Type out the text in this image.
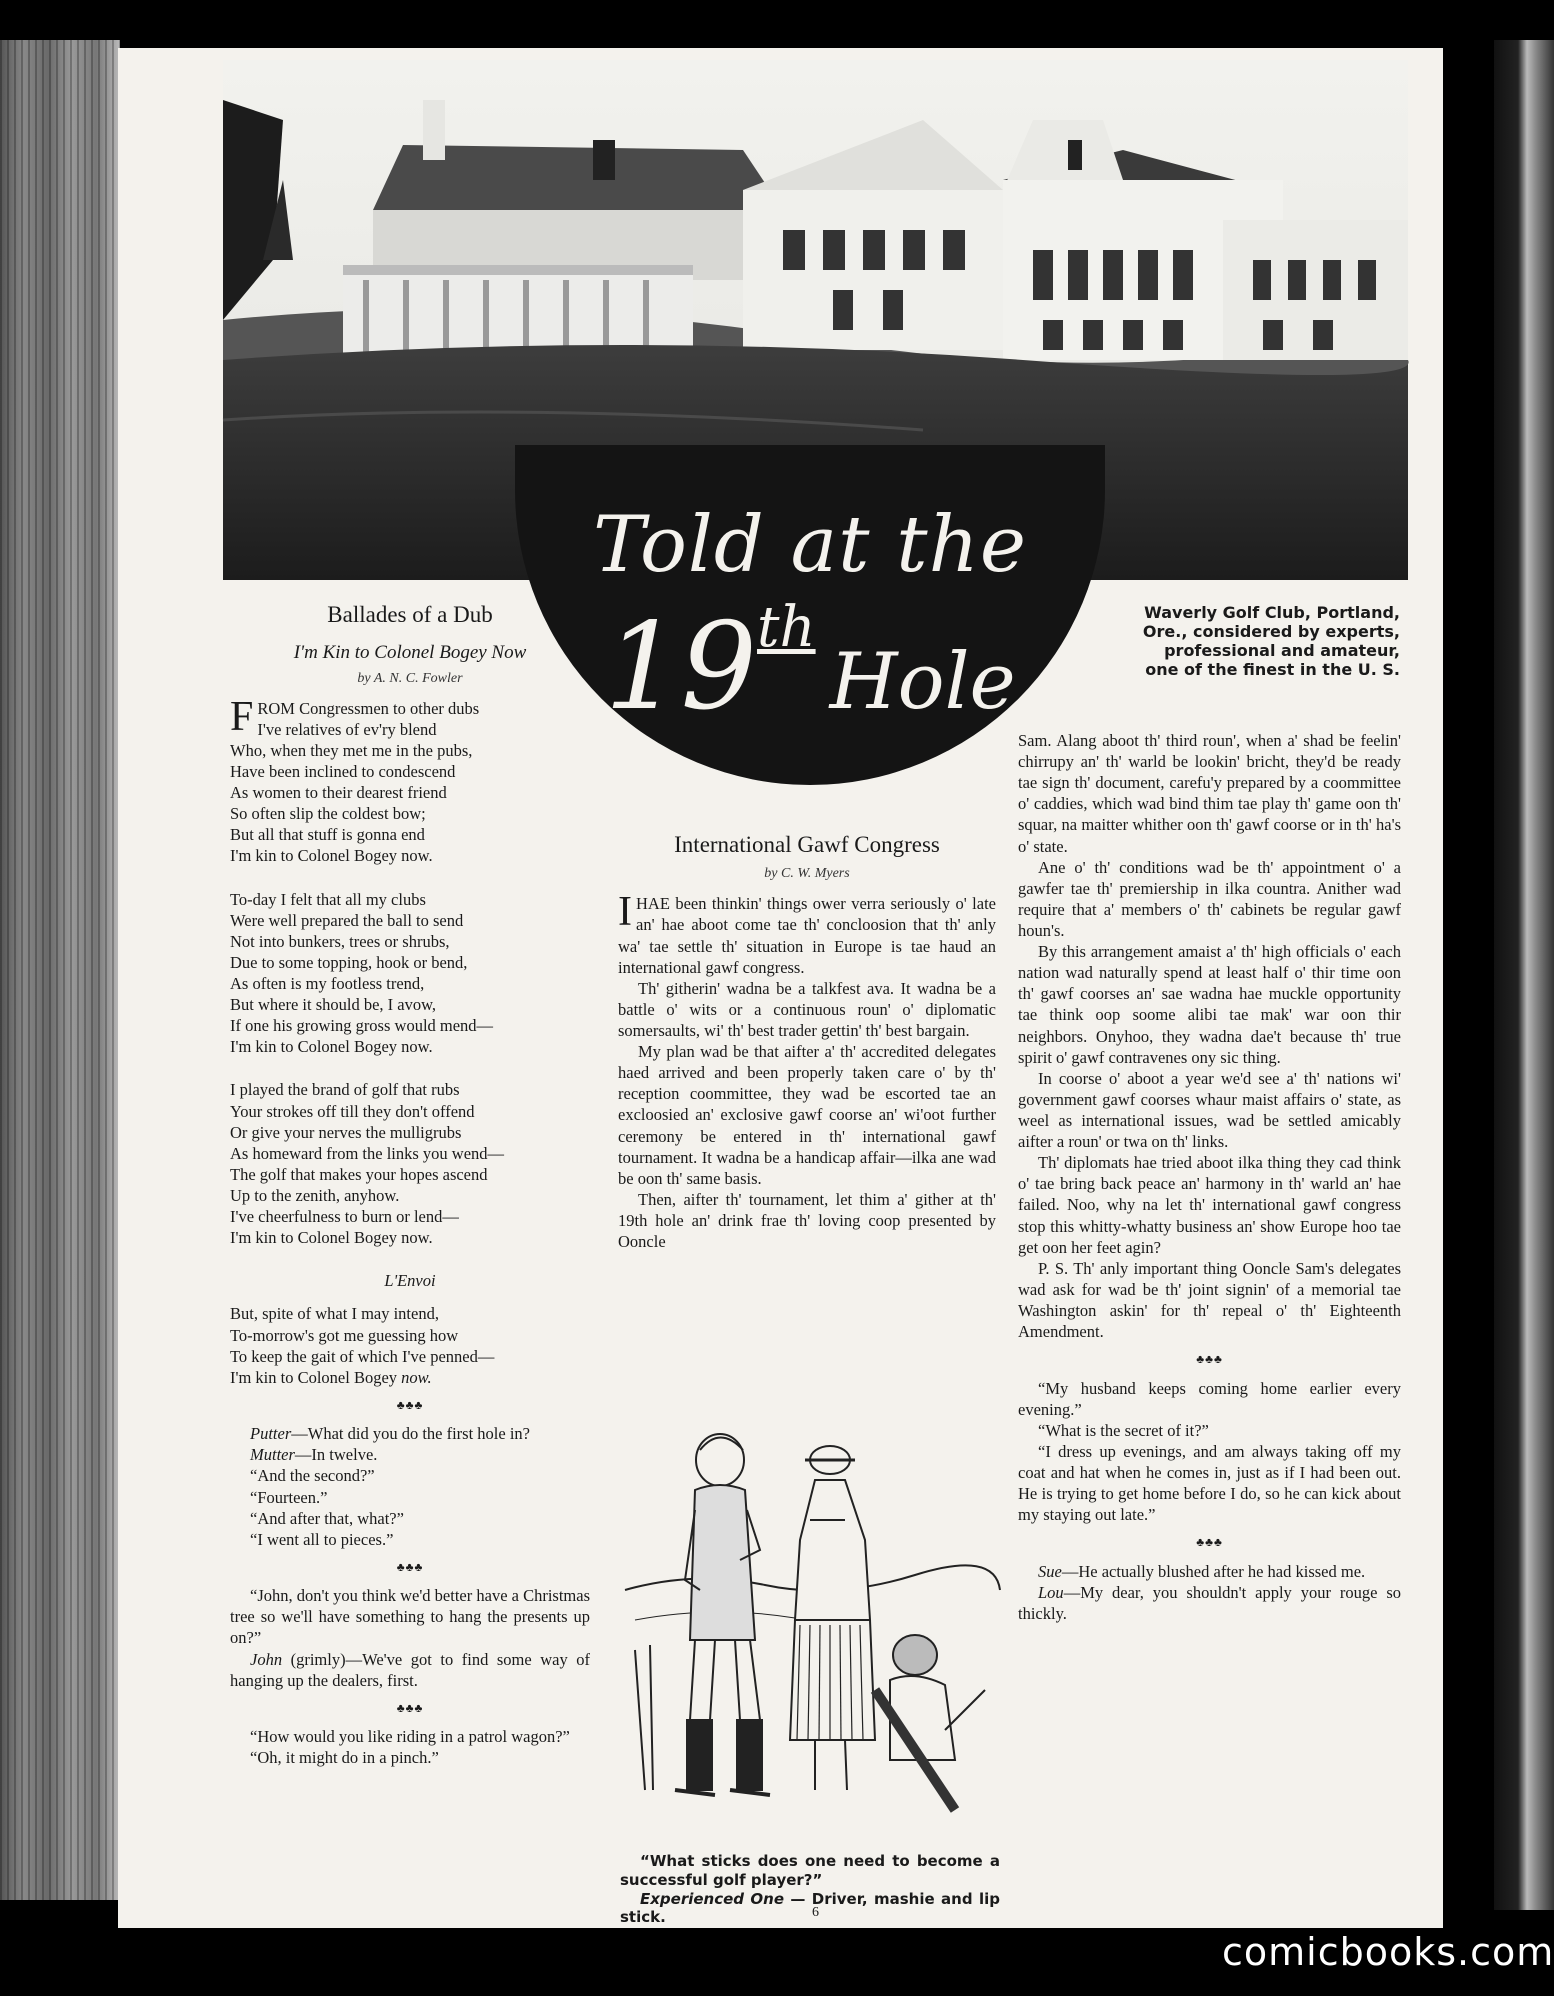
Told at the
19thHole
Waverly Golf Club, Portland, Ore., considered by experts, professional and amateur, one of the finest in the U. S.
Ballades of a Dub
I'm Kin to Colonel Bogey Now
by A. N. C. Fowler

FROM Congressmen to other dubs

I've relatives of ev'ry blend

Who, when they met me in the pubs,

Have been inclined to condescend

As women to their dearest friend

So often slip the coldest bow;

But all that stuff is gonna end

I'm kin to Colonel Bogey now.

To-day I felt that all my clubs

Were well prepared the ball to send

Not into bunkers, trees or shrubs,

Due to some topping, hook or bend,

As often is my footless trend,

But where it should be, I avow,

If one his growing gross would mend—

I'm kin to Colonel Bogey now.

I played the brand of golf that rubs

Your strokes off till they don't offend

Or give your nerves the mulligrubs

As homeward from the links you wend—

The golf that makes your hopes ascend

Up to the zenith, anyhow.

I've cheerfulness to burn or lend—

I'm kin to Colonel Bogey now.

L'Envoi

But, spite of what I may intend,

To-morrow's got me guessing how

To keep the gait of which I've penned—

I'm kin to Colonel Bogey now.

♣♣♣

Putter—What did you do the first hole in?

Mutter—In twelve.

“And the second?”

“Fourteen.”

“And after that, what?”

“I went all to pieces.”

♣♣♣

“John, don't you think we'd better have a Christmas tree so we'll have something to hang the presents up on?”

John (grimly)—We've got to find some way of hanging up the dealers, first.

♣♣♣

“How would you like riding in a patrol wagon?”

“Oh, it might do in a pinch.”

International Gawf Congress
by C. W. Myers

IHAE been thinkin' things ower verra seriously o' late an' hae aboot come tae th' concloosion that th' anly wa' tae settle th' situation in Europe is tae haud an international gawf congress.

Th' githerin' wadna be a talkfest ava. It wadna be a battle o' wits or a continuous roun' o' diplomatic somersaults, wi' th' best trader gettin' th' best bargain.

My plan wad be that aifter a' th' accredited delegates haed arrived and been properly taken care o' by th' reception coommittee, they wad be escorted tae an excloosied an' exclosive gawf coorse an' wi'oot further ceremony be entered in th' international gawf tournament. It wadna be a handicap affair—ilka ane wad be oon th' same basis.

Then, aifter th' tournament, let thim a' gither at th' 19th hole an' drink frae th' loving coop presented by Ooncle

“What sticks does one need to become a successful golf player?”

Experienced One — Driver, mashie and lip stick.

Sam. Alang aboot th' third roun', when a' shad be feelin' chirrupy an' th' warld be lookin' bricht, they'd be ready tae sign th' document, carefu'y prepared by a coommittee o' caddies, which wad bind thim tae play th' game oon th' squar, na maitter whither oon th' gawf coorse or in th' ha's o' state.

Ane o' th' conditions wad be th' appointment o' a gawfer tae th' premiership in ilka countra. Anither wad require that a' members o' th' cabinets be regular gawf houn's.

By this arrangement amaist a' th' high officials o' each nation wad naturally spend at least half o' thir time oon th' gawf coorses an' sae wadna hae muckle opportunity tae think oop soome alibi tae mak' war oon thir neighbors. Onyhoo, they wadna dae't because th' true spirit o' gawf contravenes ony sic thing.

In coorse o' aboot a year we'd see a' th' nations wi' government gawf coorses whaur maist affairs o' state, as weel as international issues, wad be settled amicably aifter a roun' or twa on th' links.

Th' diplomats hae tried aboot ilka thing they cad think o' tae bring back peace an' harmony in th' warld an' hae failed. Noo, why na let th' international gawf congress stop this whitty-whatty business an' show Europe hoo tae get oon her feet agin?

P. S. Th' anly important thing Ooncle Sam's delegates wad ask for wad be th' joint signin' of a memorial tae Washington askin' for th' repeal o' th' Eighteenth Amendment.

♣♣♣

“My husband keeps coming home earlier every evening.”

“What is the secret of it?”

“I dress up evenings, and am always taking off my coat and hat when he comes in, just as if I had been out. He is trying to get home before I do, so he can kick about my staying out late.”

♣♣♣

Sue—He actually blushed after he had kissed me.

Lou—My dear, you shouldn't apply your rouge so thickly.

6
comicbooks.com
